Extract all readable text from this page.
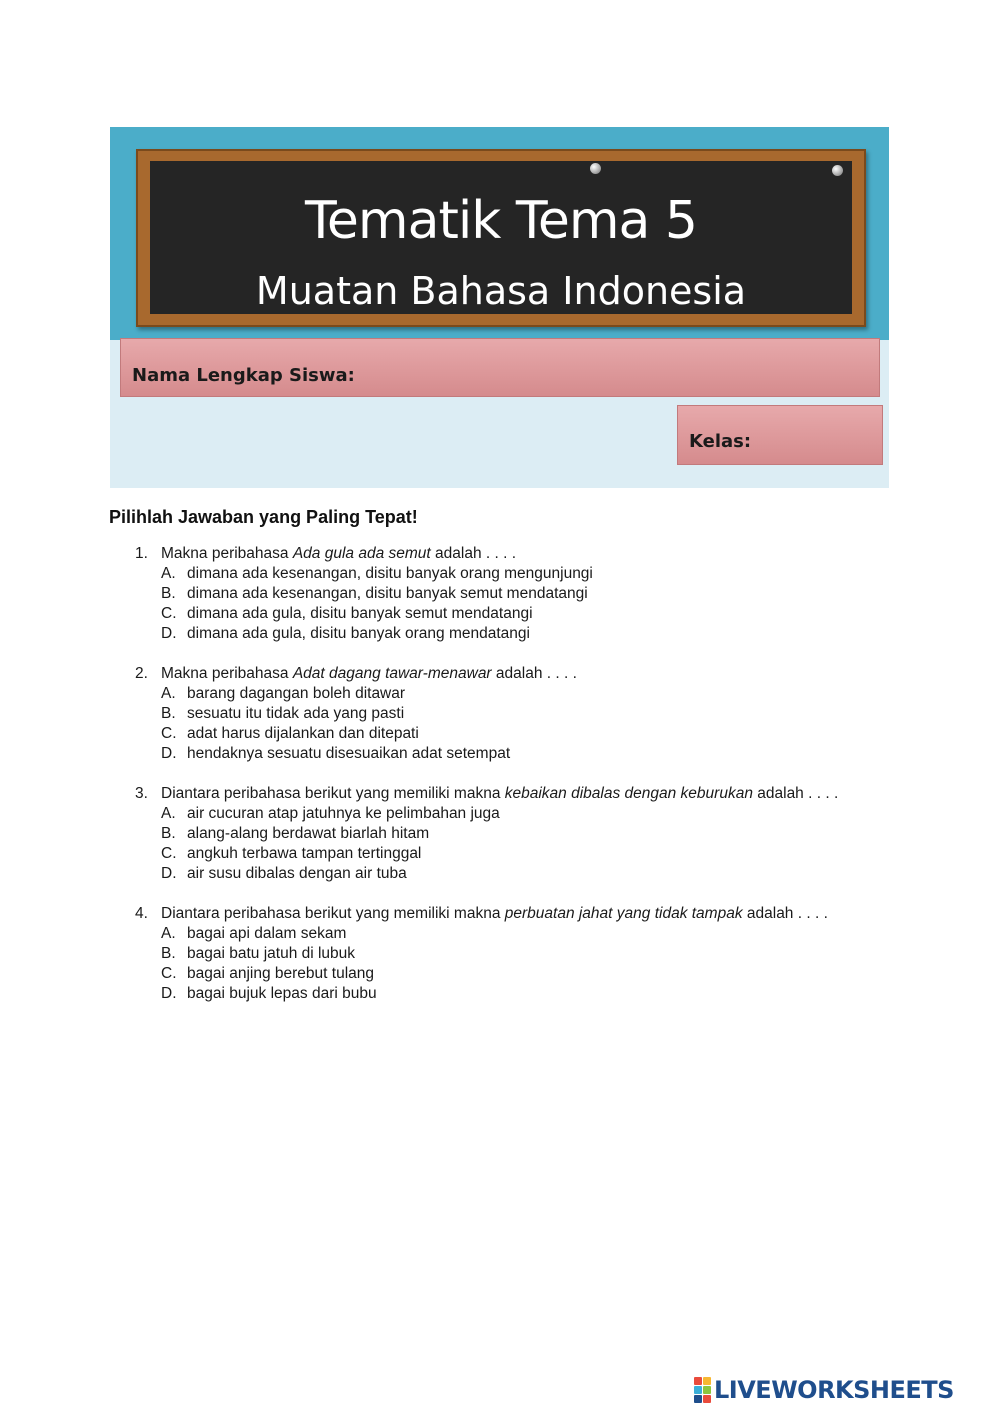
Tematik Tema 5
Muatan Bahasa Indonesia
Nama Lengkap Siswa:
Kelas:
Pilihlah Jawaban yang Paling Tepat!
1. Makna peribahasa Ada gula ada semut adalah . . . .
A. dimana ada kesenangan, disitu banyak orang mengunjungi
B. dimana ada kesenangan, disitu banyak semut mendatangi
C. dimana ada gula, disitu banyak semut mendatangi
D. dimana ada gula, disitu banyak orang mendatangi
2. Makna peribahasa Adat dagang tawar-menawar adalah . . . .
A. barang dagangan boleh ditawar
B. sesuatu itu tidak ada yang pasti
C. adat harus dijalankan dan ditepati
D. hendaknya sesuatu disesuaikan adat setempat
3. Diantara peribahasa berikut yang memiliki makna kebaikan dibalas dengan keburukan adalah . . . .
A. air cucuran atap jatuhnya ke pelimbahan juga
B. alang-alang berdawat biarlah hitam
C. angkuh terbawa tampan tertinggal
D. air susu dibalas dengan air tuba
4. Diantara peribahasa berikut yang memiliki makna perbuatan jahat yang tidak tampak adalah . . . .
A. bagai api dalam sekam
B. bagai batu jatuh di lubuk
C. bagai anjing berebut tulang
D. bagai bujuk lepas dari bubu
LIVEWORKSHEETS
